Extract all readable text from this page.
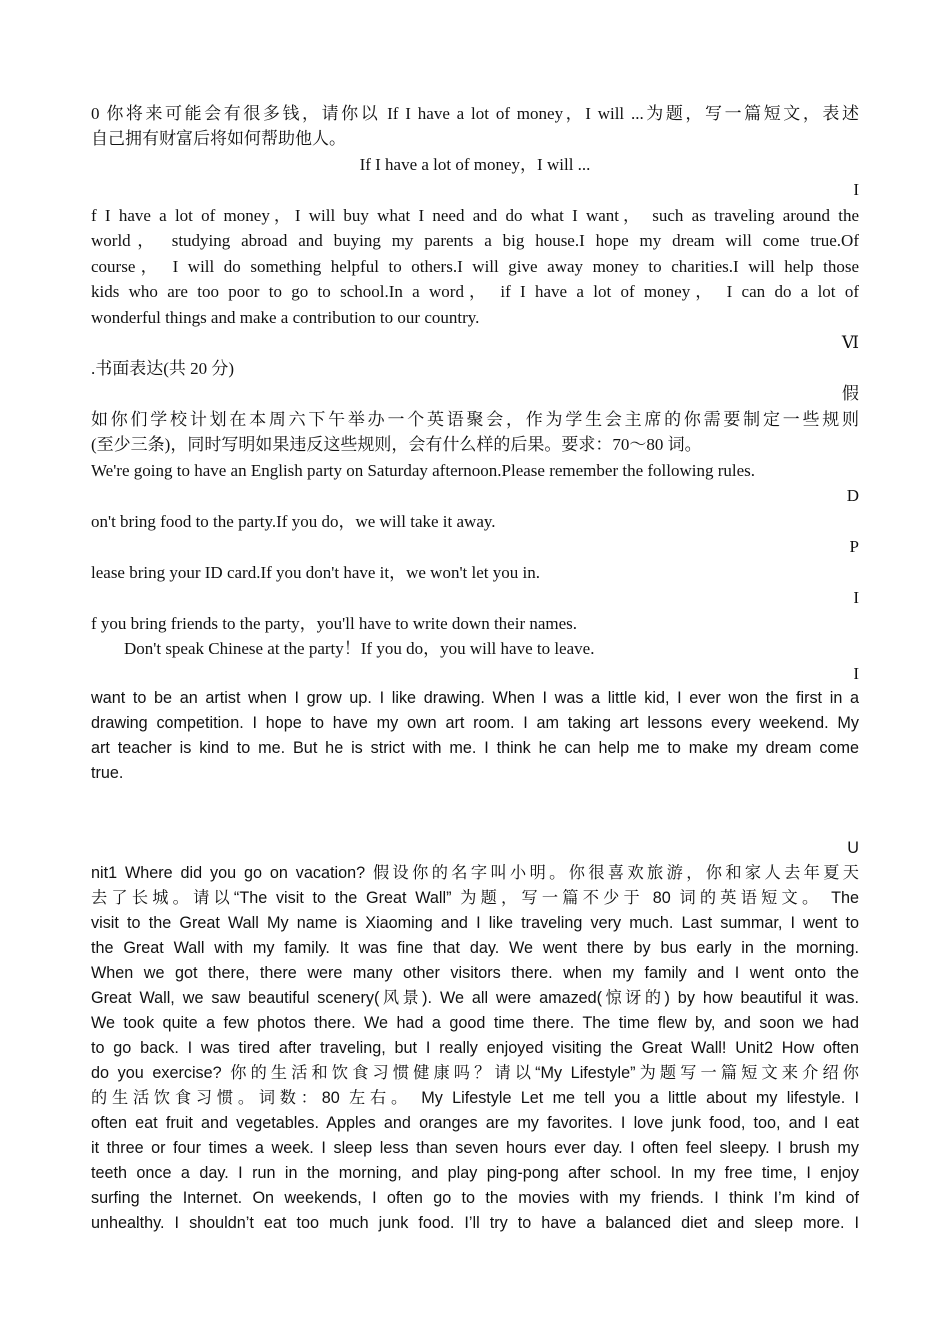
0 你将来可能会有很多钱，请你以 If I have a lot of money，I will ...为题，写一篇短文，表述
自己拥有财富后将如何帮助他人。
If I have a lot of money，I will ...
I
f I have a lot of money，I will buy what I need and do what I want， such as traveling around the
world， studying abroad and buying my parents a big house.I hope my dream will come true.Of
course， I will do something helpful to others.I will give away money to charities.I will help those
kids who are too poor to go to school.In a word， if I have a lot of money， I can do a lot of
wonderful things and make a contribution to our country.
Ⅵ
.书面表达(共 20 分)
假
如你们学校计划在本周六下午举办一个英语聚会，作为学生会主席的你需要制定一些规则
(至少三条)，同时写明如果违反这些规则，会有什么样的后果。要求：70～80 词。
We're going to have an English party on Saturday afternoon.Please remember the following rules.
D
on't bring food to the party.If you do，we will take it away.
P
lease bring your ID card.If you don't have it，we won't let you in.
I
f you bring friends to the party，you'll have to write down their names.
Don't speak Chinese at the party！If you do，you will have to leave.
I
want to be an artist when I grow up. I like drawing. When I was a little kid, I ever won the first in a
drawing competition. I hope to have my own art room. I am taking art lessons every weekend. My
art teacher is kind to me. But he is strict with me. I think he can help me to make my dream come
true.
U
nit1 Where did you go on vacation? 假设你的名字叫小明。你很喜欢旅游，你和家人去年夏天
去了长城。请以“The visit to the Great Wall” 为题，写一篇不少于 80 词的英语短文。 The
visit to the Great Wall My name is Xiaoming and I like traveling very much. Last summar, I went to
the Great Wall with my family. It was fine that day. We went there by bus early in the morning.
When we got there, there were many other visitors there. when my family and I went onto the
Great Wall, we saw beautiful scenery(风景). We all were amazed(惊讶的) by how beautiful it was.
We took quite a few photos there. We had a good time there. The time flew by, and soon we had
to go back. I was tired after traveling, but I really enjoyed visiting the Great Wall! Unit2 How often
do you exercise? 你的生活和饮食习惯健康吗？请以“My Lifestyle”为题写一篇短文来介绍你
的生活饮食习惯。词数：80 左右。 My Lifestyle Let me tell you a little about my lifestyle. I
often eat fruit and vegetables. Apples and oranges are my favorites. I love junk food, too, and I eat
it three or four times a week. I sleep less than seven hours ever day. I often feel sleepy. I brush my
teeth once a day. I run in the morning, and play ping-pong after school. In my free time, I enjoy
surfing the Internet. On weekends, I often go to the movies with my friends. I think I’m kind of
unhealthy. I shouldn’t eat too much junk food. I’ll try to have a balanced diet and sleep more. I
